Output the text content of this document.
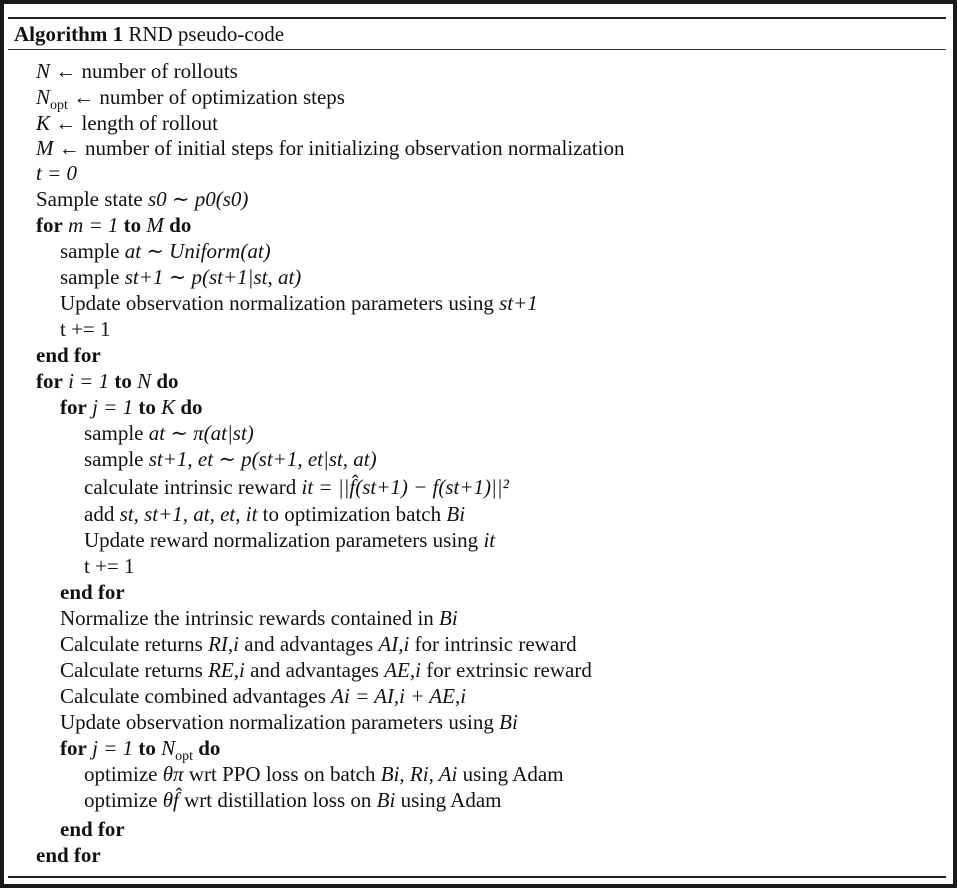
Algorithm 1 RND pseudo-code
N ← number of rollouts
$N_{opt}$ ← number of optimization steps
K ← length of rollout
M ← number of initial steps for initializing observation normalization
t = 0
Sample state s0 ∼ p0(s0)
for m = 1 to M do
sample at ∼ Uniform(at)
sample st+1 ∼ p(st+1|st, at)
Update observation normalization parameters using st+1
t += 1
end for
for i = 1 to N do
for j = 1 to K do
sample at ∼ π(at|st)
sample st+1, et ∼ p(st+1, et|st, at)
calculate intrinsic reward it = ||f̂(st+1) − f(st+1)||²
add st, st+1, at, et, it to optimization batch Bi
Update reward normalization parameters using it
t += 1
end for
Normalize the intrinsic rewards contained in Bi
Calculate returns RI,i and advantages AI,i for intrinsic reward
Calculate returns RE,i and advantages AE,i for extrinsic reward
Calculate combined advantages Ai = AI,i + AE,i
Update observation normalization parameters using Bi
for j = 1 to $N_{opt}$ do
optimize θπ wrt PPO loss on batch Bi, Ri, Ai using Adam
optimize θf̂ wrt distillation loss on Bi using Adam
end for
end for
